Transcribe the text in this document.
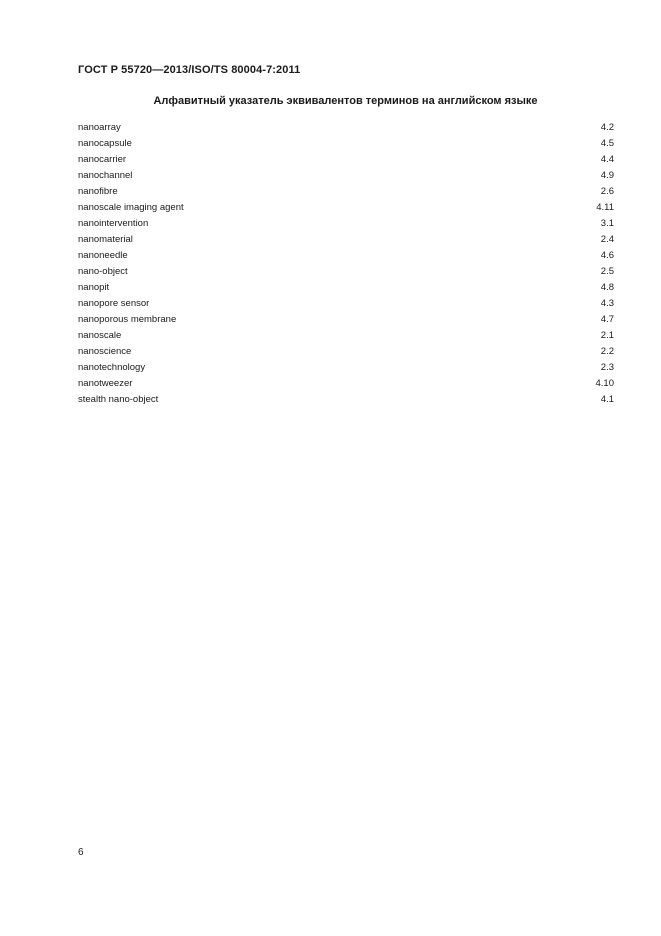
ГОСТ Р 55720—2013/ISO/TS 80004-7:2011
Алфавитный указатель эквивалентов терминов на английском языке
nanoarray	4.2
nanocapsule	4.5
nanocarrier	4.4
nanochannel	4.9
nanofibre	2.6
nanoscale imaging agent	4.11
nanointervention	3.1
nanomaterial	2.4
nanoneedle	4.6
nano-object	2.5
nanopit	4.8
nanopore sensor	4.3
nanoporous membrane	4.7
nanoscale	2.1
nanoscience	2.2
nanotechnology	2.3
nanotweezer	4.10
stealth nano-object	4.1
6
